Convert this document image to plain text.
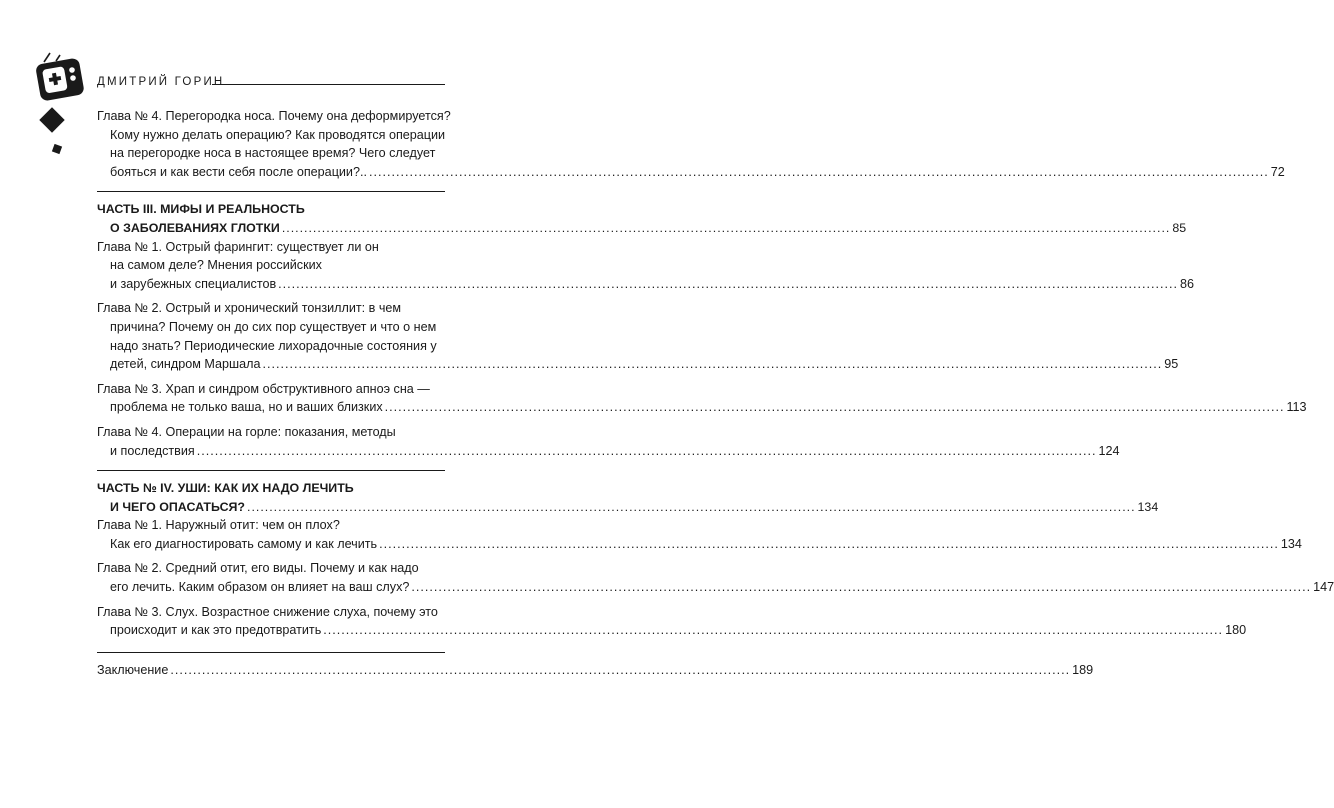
ДМИТРИЙ ГОРИН
Глава № 4. Перегородка носа. Почему она деформируется?
Кому нужно делать операцию? Как проводятся операции
на перегородке носа в настоящее время? Чего следует
бояться и как вести себя после операции?.. ........................................................................................................................................................................................................ 72
ЧАСТЬ III. МИФЫ И РЕАЛЬНОСТЬ
О ЗАБОЛЕВАНИЯХ ГЛОТКИ ........................................................................................................................................................................................................ 85
Глава № 1. Острый фарингит: существует ли он
на самом деле? Мнения российских
и зарубежных специалистов ........................................................................................................................................................................................................ 86
Глава № 2. Острый и хронический тонзиллит: в чем
причина? Почему он до сих пор существует и что о нем
надо знать? Периодические лихорадочные состояния у
детей, синдром Маршала ........................................................................................................................................................................................................ 95
Глава № 3. Храп и синдром обструктивного апноэ сна —
проблема не только ваша, но и ваших близких ........................................................................................................................................................................................................ 113
Глава № 4. Операции на горле: показания, методы
и последствия ........................................................................................................................................................................................................ 124
ЧАСТЬ № IV. УШИ: КАК ИХ НАДО ЛЕЧИТЬ
И ЧЕГО ОПАСАТЬСЯ? ........................................................................................................................................................................................................ 134
Глава № 1. Наружный отит: чем он плох?
Как его диагностировать самому и как лечить ........................................................................................................................................................................................................ 134
Глава № 2. Средний отит, его виды. Почему и как надо
его лечить. Каким образом он влияет на ваш слух? ........................................................................................................................................................................................................ 147
Глава № 3. Слух. Возрастное снижение слуха, почему это
происходит и как это предотвратить ........................................................................................................................................................................................................ 180
Заключение ........................................................................................................................................................................................................ 189
